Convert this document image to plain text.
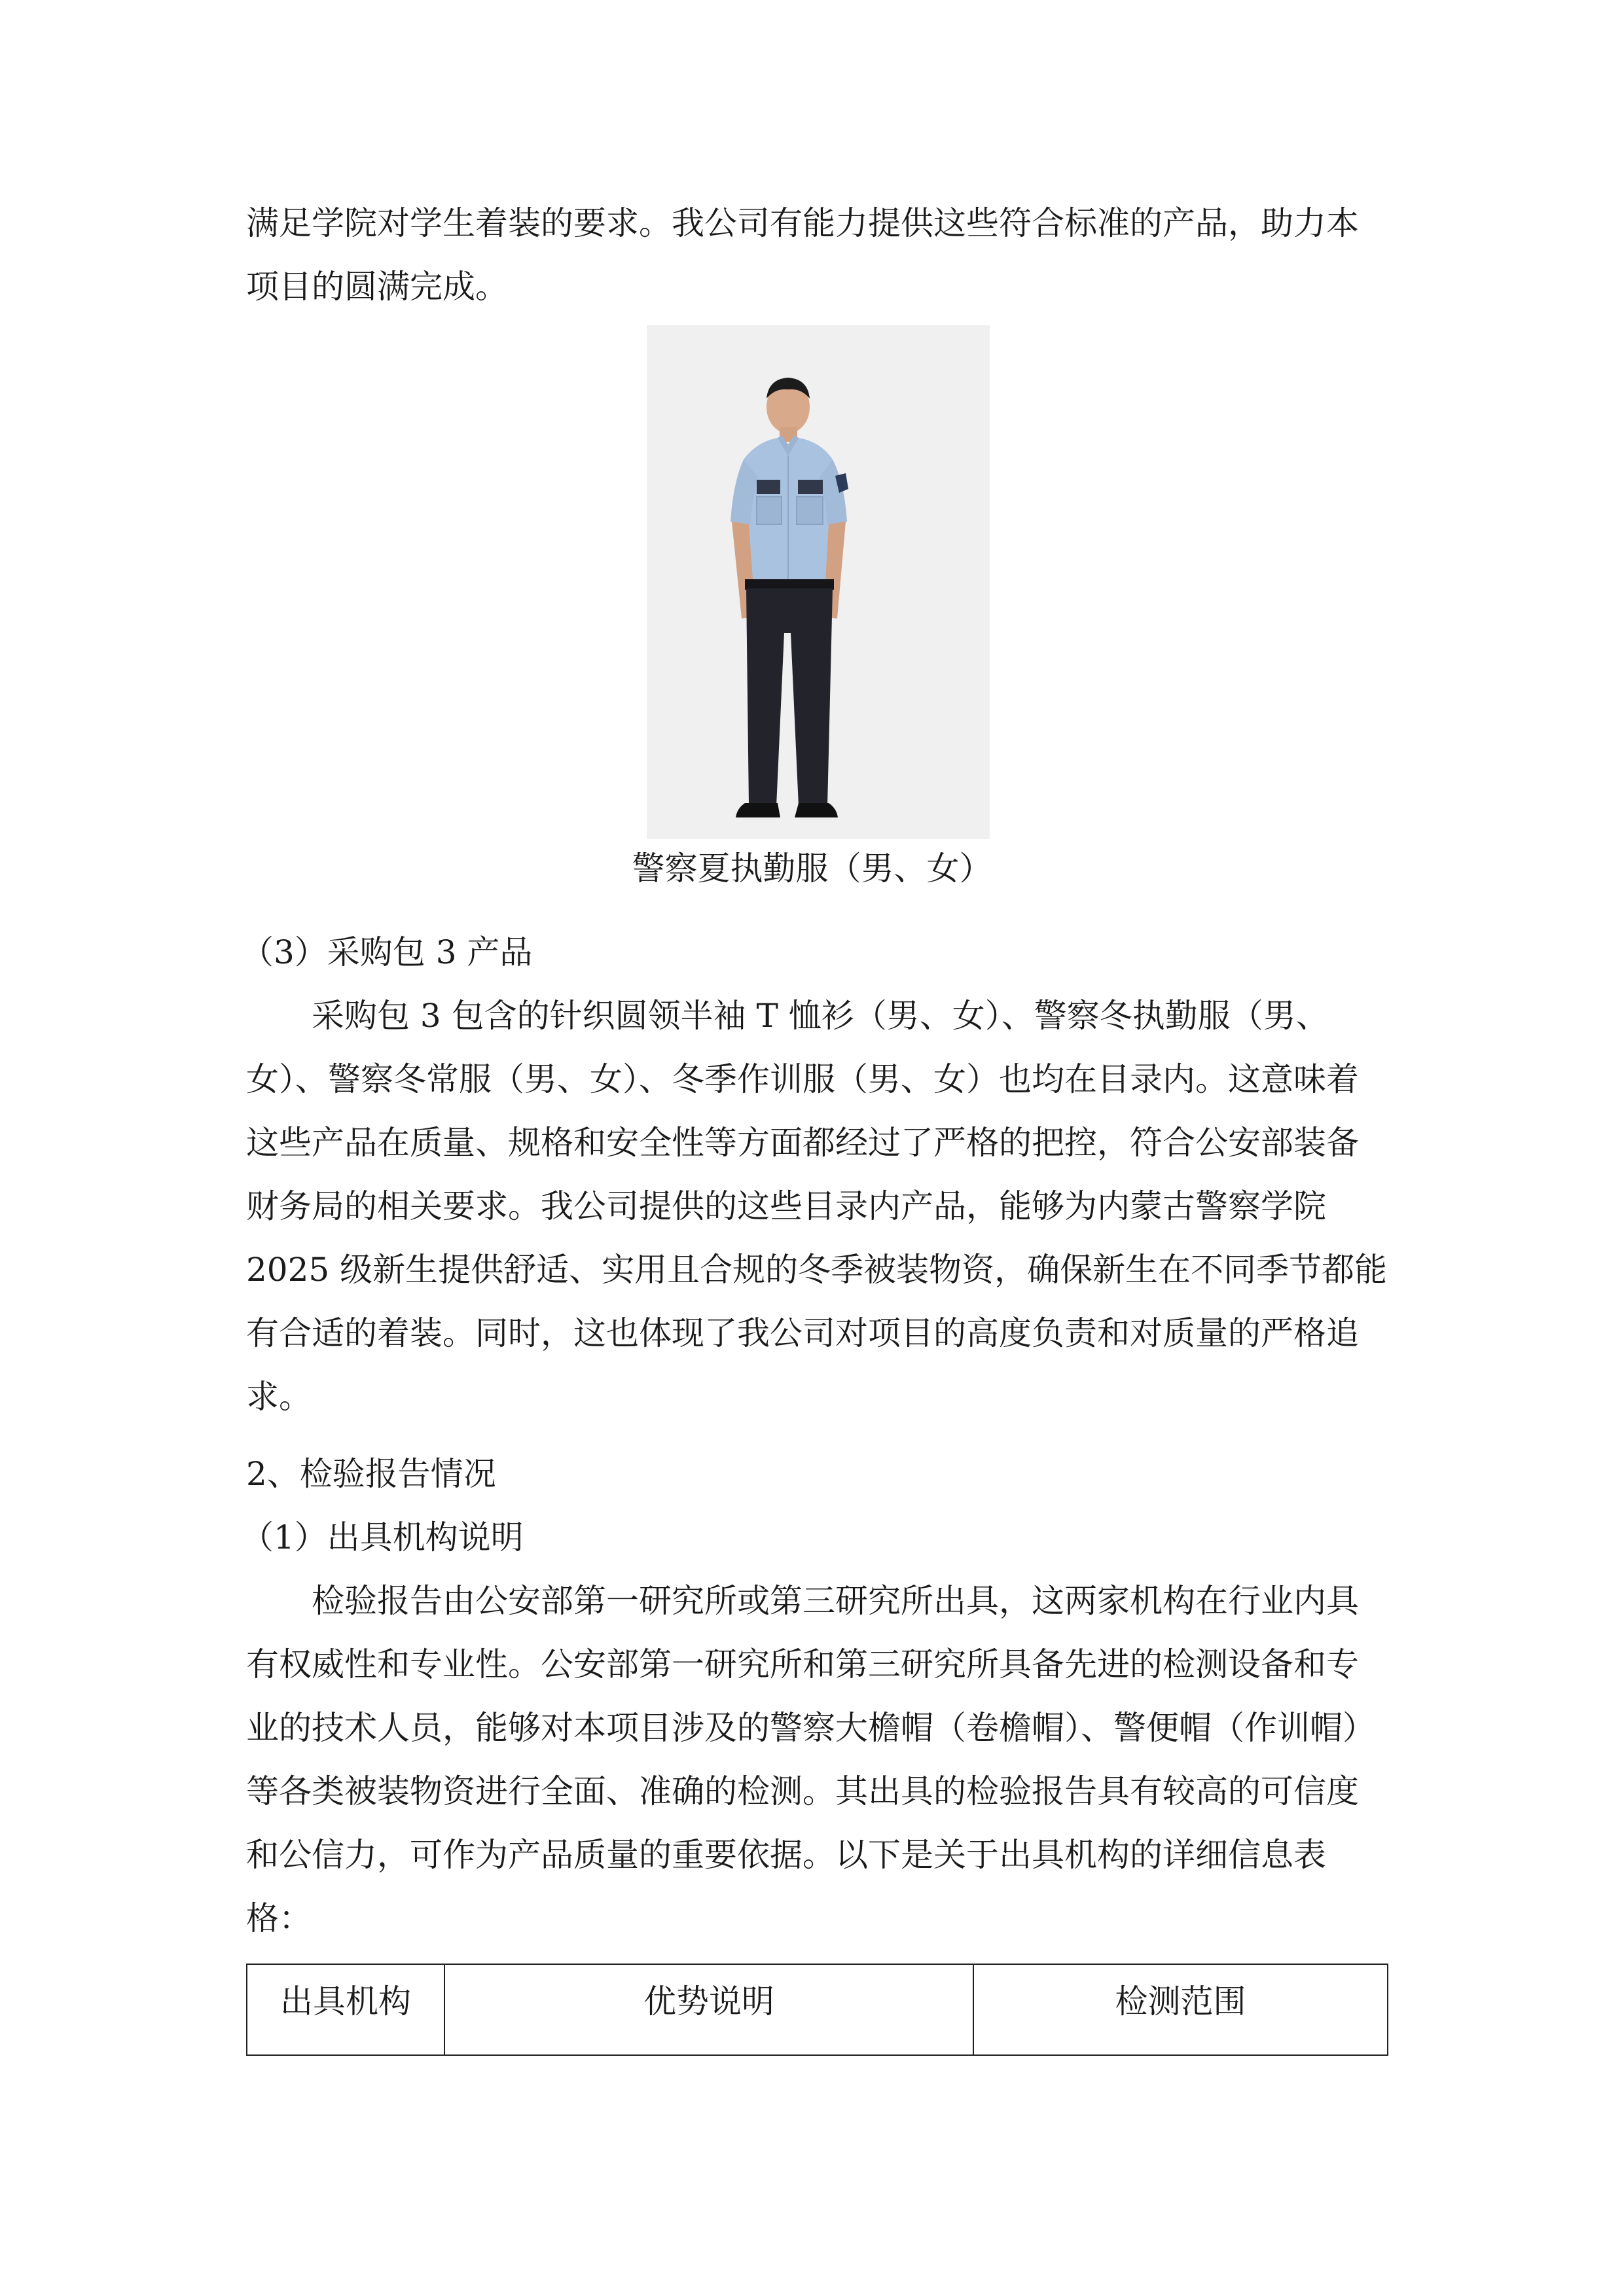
满足学院对学生着装的要求。我公司有能力提供这些符合标准的产品，助力本

项目的圆满完成。

警察夏执勤服（男、女）

（3）采购包 3 产品

采购包 3 包含的针织圆领半袖 T 恤衫（男、女）、警察冬执勤服（男、女）、警察冬常服（男、女）、冬季作训服（男、女）也均在目录内。这意味着这些产品在质量、规格和安全性等方面都经过了严格的把控，符合公安部装备财务局的相关要求。我公司提供的这些目录内产品，能够为内蒙古警察学院 2025 级新生提供舒适、实用且合规的冬季被装物资，确保新生在不同季节都能有合适的着装。同时，这也体现了我公司对项目的高度负责和对质量的严格追求。

2、检验报告情况

（1）出具机构说明

检验报告由公安部第一研究所或第三研究所出具，这两家机构在行业内具有权威性和专业性。公安部第一研究所和第三研究所具备先进的检测设备和专业的技术人员，能够对本项目涉及的警察大檐帽（卷檐帽）、警便帽（作训帽）等各类被装物资进行全面、准确的检测。其出具的检验报告具有较高的可信度和公信力，可作为产品质量的重要依据。以下是关于出具机构的详细信息表格：

出具机构	优势说明	检测范围
